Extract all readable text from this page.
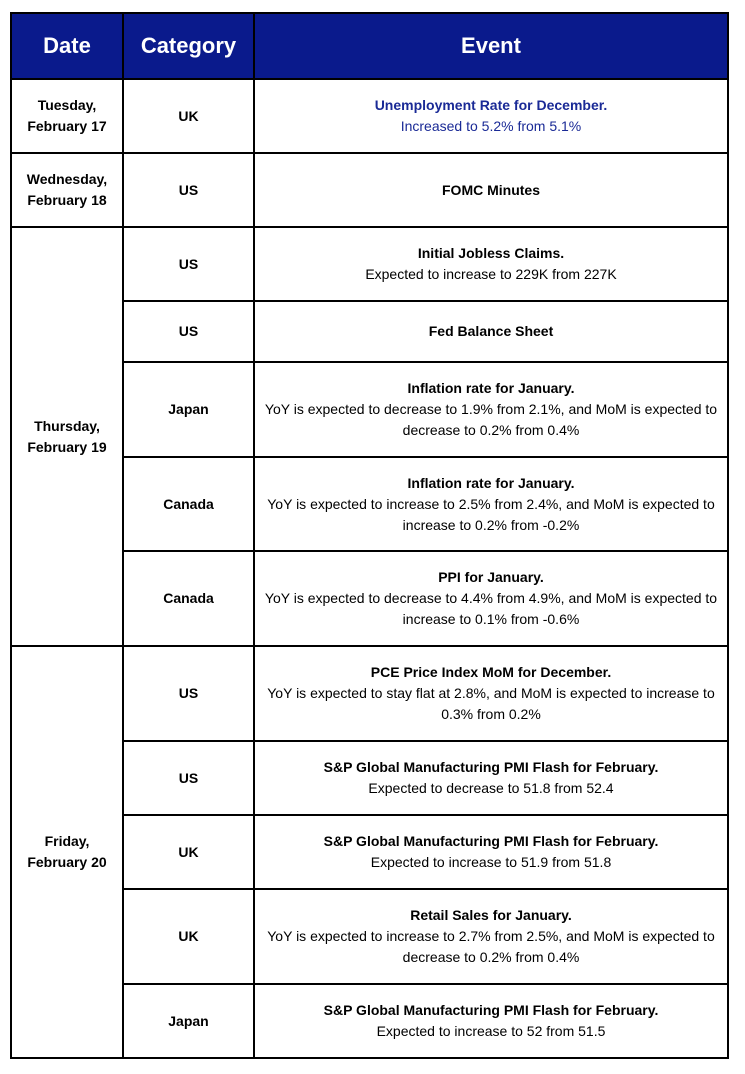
Date	Category	Event
Tuesday,
February 17	UK	Unemployment Rate for December.
Increased to 5.2% from 5.1%

Wednesday,
February 18	US	FOMC Minutes

Thursday,
February 19	US	Initial Jobless Claims.
Expected to increase to 229K from 227K

	US	Fed Balance Sheet

	Japan	Inflation rate for January.
YoY is expected to decrease to 1.9% from 2.1%, and MoM is expected to decrease to 0.2% from 0.4%

	Canada	Inflation rate for January.
YoY is expected to increase to 2.5% from 2.4%, and MoM is expected to increase to 0.2% from -0.2%

	Canada	PPI for January.
YoY is expected to decrease to 4.4% from 4.9%, and MoM is expected to increase to 0.1% from -0.6%

Friday,
February 20	US	PCE Price Index MoM for December.
YoY is expected to stay flat at 2.8%, and MoM is expected to increase to 0.3% from 0.2%

	US	S&P Global Manufacturing PMI Flash for February.
Expected to decrease to 51.8 from 52.4

	UK	S&P Global Manufacturing PMI Flash for February.
Expected to increase to 51.9 from 51.8

	UK	Retail Sales for January.
YoY is expected to increase to 2.7% from 2.5%, and MoM is expected to decrease to 0.2% from 0.4%

	Japan	S&P Global Manufacturing PMI Flash for February.
Expected to increase to 52 from 51.5
